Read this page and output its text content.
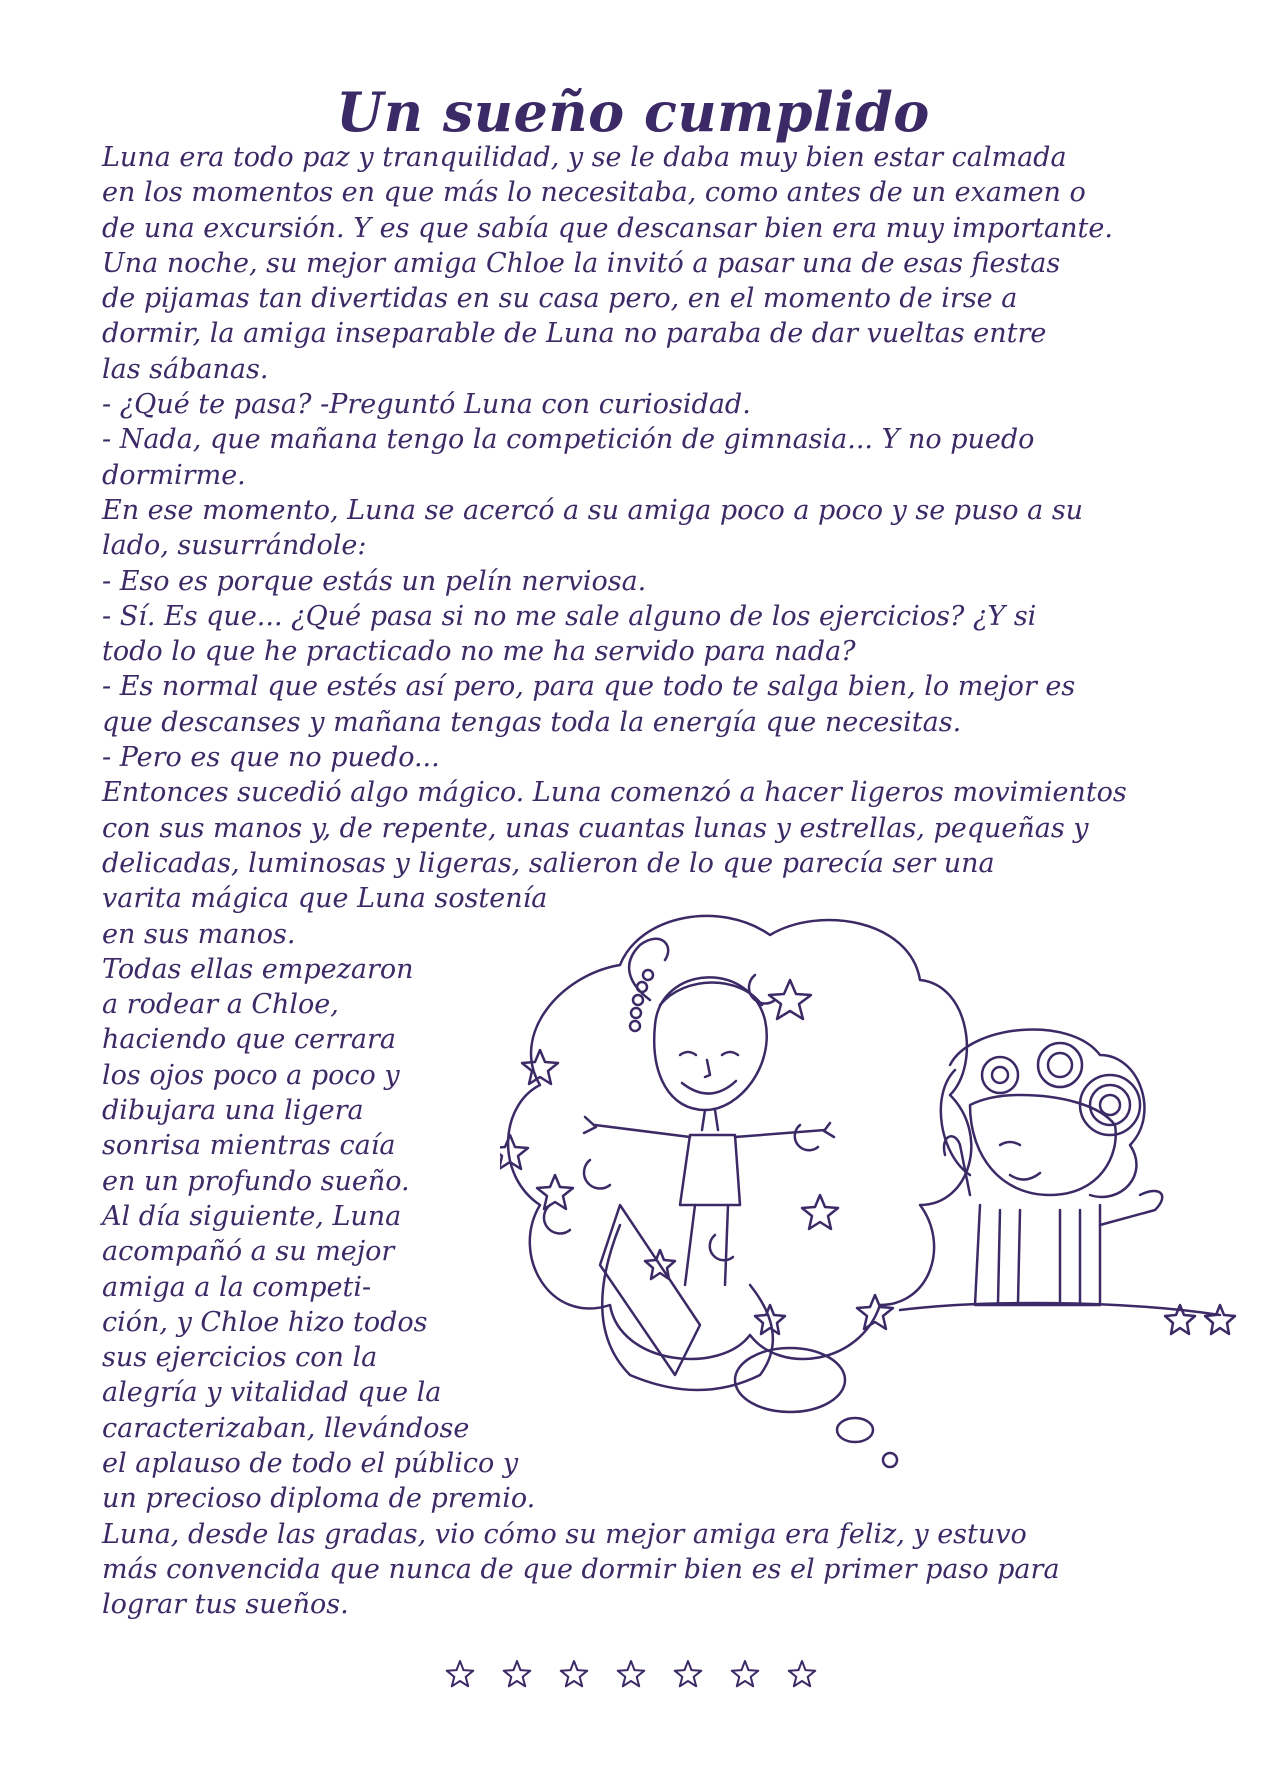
Un sueño cumplido
Luna era todo paz y tranquilidad, y se le daba muy bien estar calmada
en los momentos en que más lo necesitaba, como antes de un examen o
de una excursión. Y es que sabía que descansar bien era muy importante.
Una noche, su mejor amiga Chloe la invitó a pasar una de esas fiestas
de pijamas tan divertidas en su casa pero, en el momento de irse a
dormir, la amiga inseparable de Luna no paraba de dar vueltas entre
las sábanas.
- ¿Qué te pasa? -Preguntó Luna con curiosidad.
- Nada, que mañana tengo la competición de gimnasia... Y no puedo
dormirme.
En ese momento, Luna se acercó a su amiga poco a poco y se puso a su
lado, susurrándole:
- Eso es porque estás un pelín nerviosa.
- Sí. Es que... ¿Qué pasa si no me sale alguno de los ejercicios? ¿Y si
todo lo que he practicado no me ha servido para nada?
- Es normal que estés así pero, para que todo te salga bien, lo mejor es
que descanses y mañana tengas toda la energía que necesitas.
- Pero es que no puedo...
Entonces sucedió algo mágico. Luna comenzó a hacer ligeros movimientos
con sus manos y, de repente, unas cuantas lunas y estrellas, pequeñas y
delicadas, luminosas y ligeras, salieron de lo que parecía ser una
varita mágica que Luna sostenía
en sus manos.
Todas ellas empezaron
a rodear a Chloe,
haciendo que cerrara
los ojos poco a poco y
dibujara una ligera
sonrisa mientras caía
en un profundo sueño.
Al día siguiente, Luna
acompañó a su mejor
amiga a la competi-
ción, y Chloe hizo todos
sus ejercicios con la
alegría y vitalidad que la
caracterizaban, llevándose
el aplauso de todo el público y
un precioso diploma de premio.
Luna, desde las gradas, vio cómo su mejor amiga era feliz, y estuvo
más convencida que nunca de que dormir bien es el primer paso para
lograr tus sueños.
